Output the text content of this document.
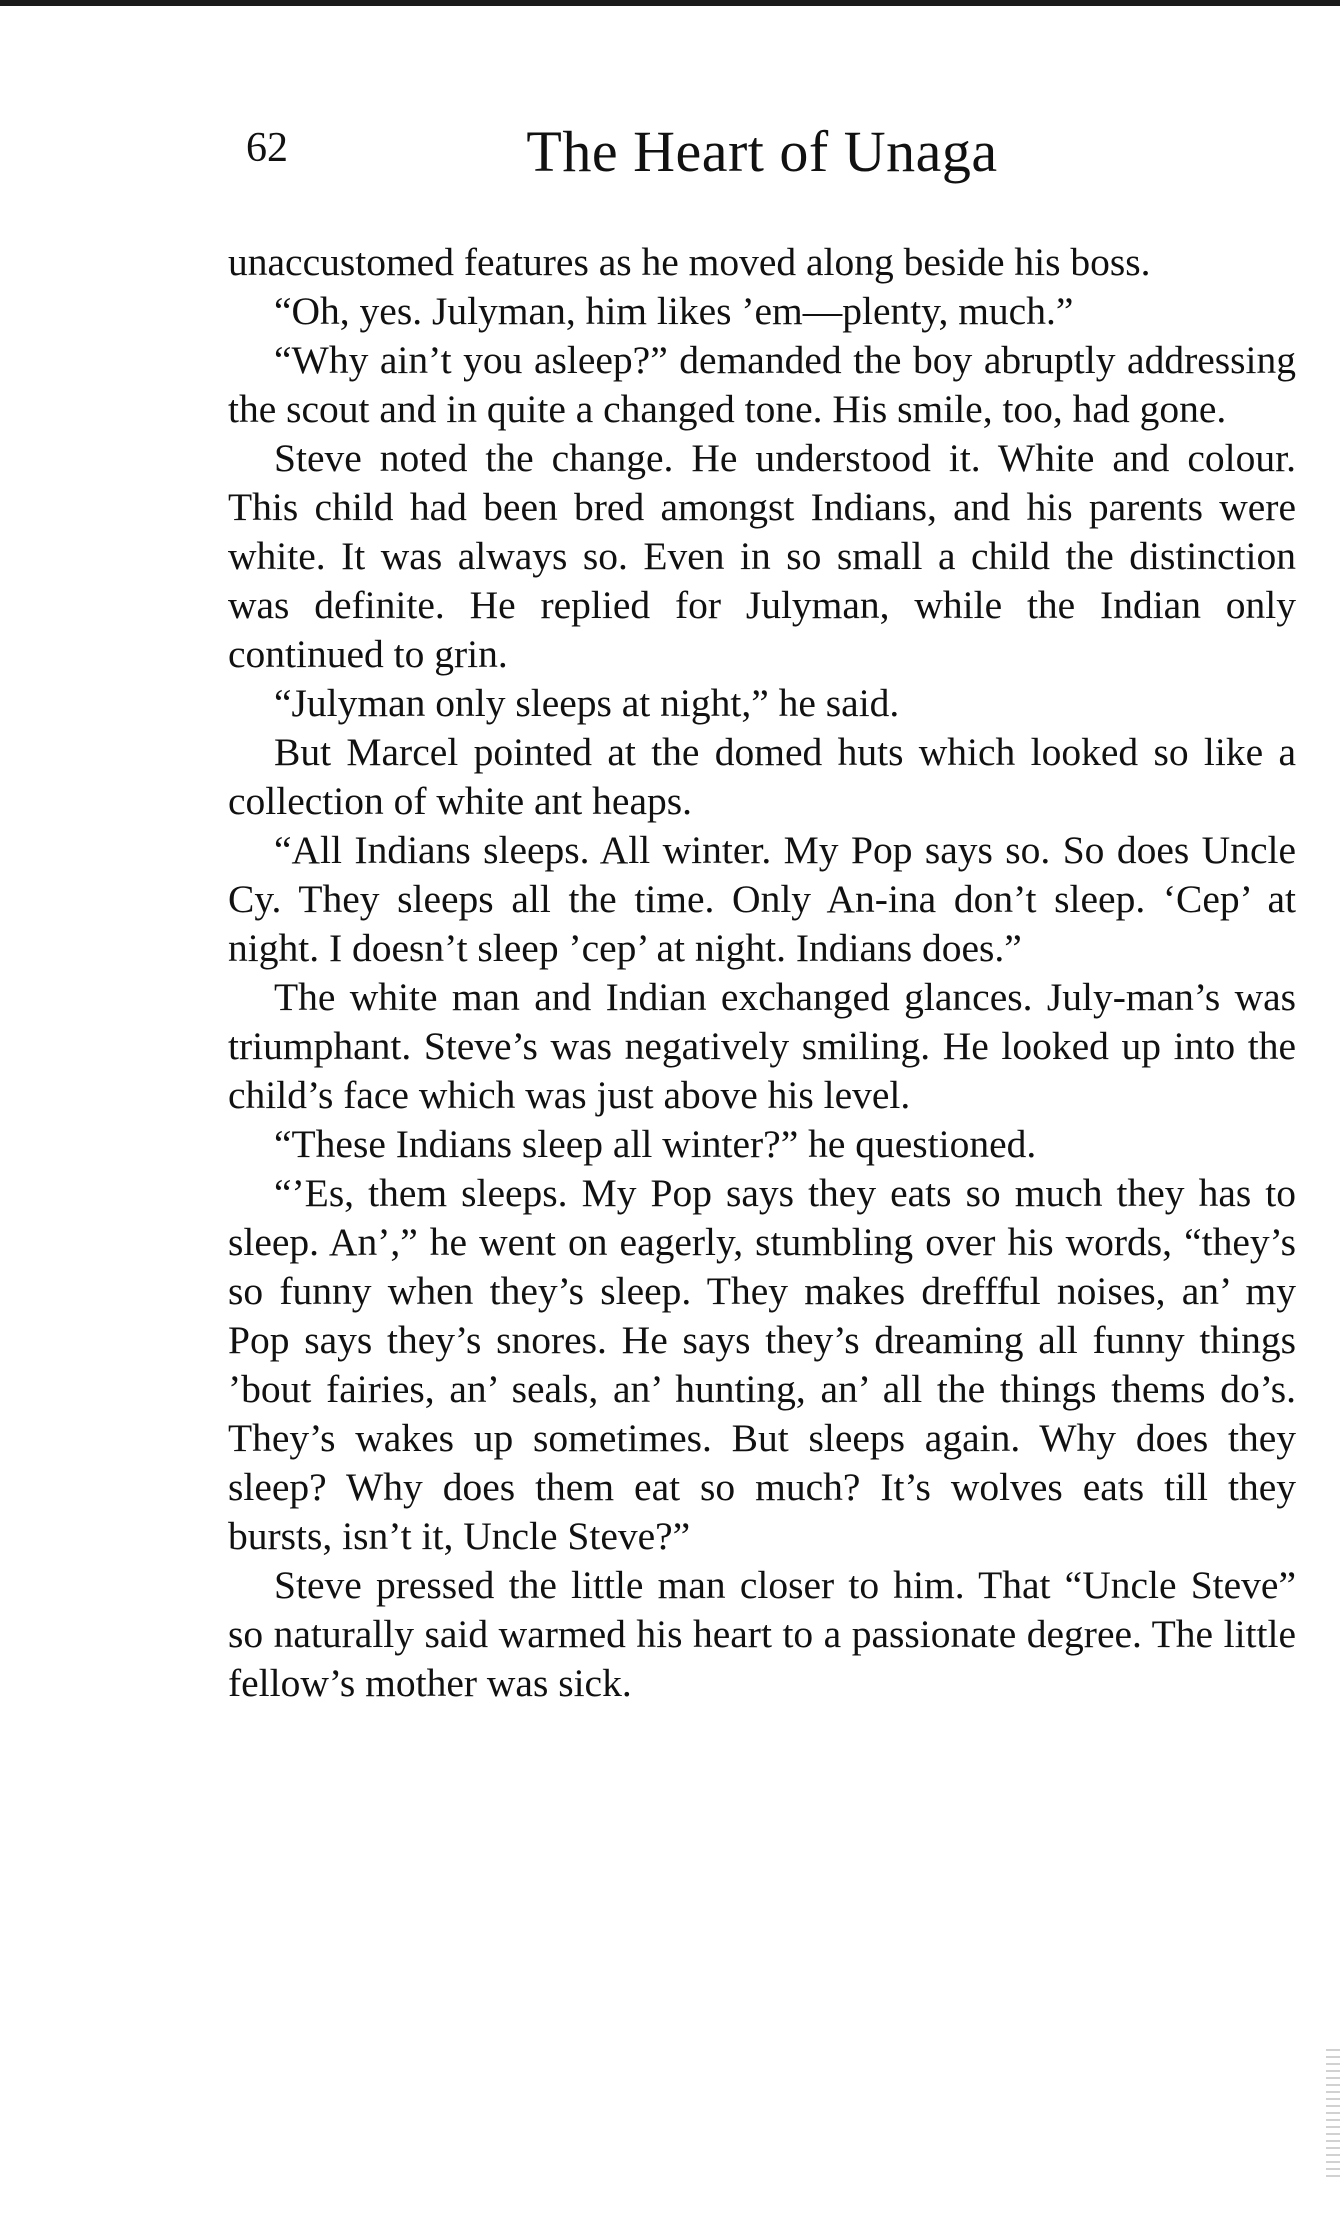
62	The Heart of Unaga

unaccustomed features as he moved along beside his boss.

“Oh, yes. Julyman, him likes ’em—plenty, much.”

“Why ain’t you asleep?” demanded the boy abruptly addressing the scout and in quite a changed tone. His smile, too, had gone.

Steve noted the change. He understood it. White and colour. This child had been bred amongst Indians, and his parents were white. It was always so. Even in so small a child the distinction was definite. He replied for Julyman, while the Indian only continued to grin.

“Julyman only sleeps at night,” he said.

But Marcel pointed at the domed huts which looked so like a collection of white ant heaps.

“All Indians sleeps. All winter. My Pop says so. So does Uncle Cy. They sleeps all the time. Only An-ina don’t sleep. ‘Cep’ at night. I doesn’t sleep ’cep’ at night. Indians does.”

The white man and Indian exchanged glances. July-man’s was triumphant. Steve’s was negatively smiling. He looked up into the child’s face which was just above his level.

“These Indians sleep all winter?” he questioned.

“’Es, them sleeps. My Pop says they eats so much they has to sleep. An’,” he went on eagerly, stumbling over his words, “they’s so funny when they’s sleep. They makes dreffful noises, an’ my Pop says they’s snores. He says they’s dreaming all funny things ’bout fairies, an’ seals, an’ hunting, an’ all the things thems do’s. They’s wakes up sometimes. But sleeps again. Why does they sleep? Why does them eat so much? It’s wolves eats till they bursts, isn’t it, Uncle Steve?”

Steve pressed the little man closer to him. That “Uncle Steve” so naturally said warmed his heart to a passionate degree. The little fellow’s mother was sick.
